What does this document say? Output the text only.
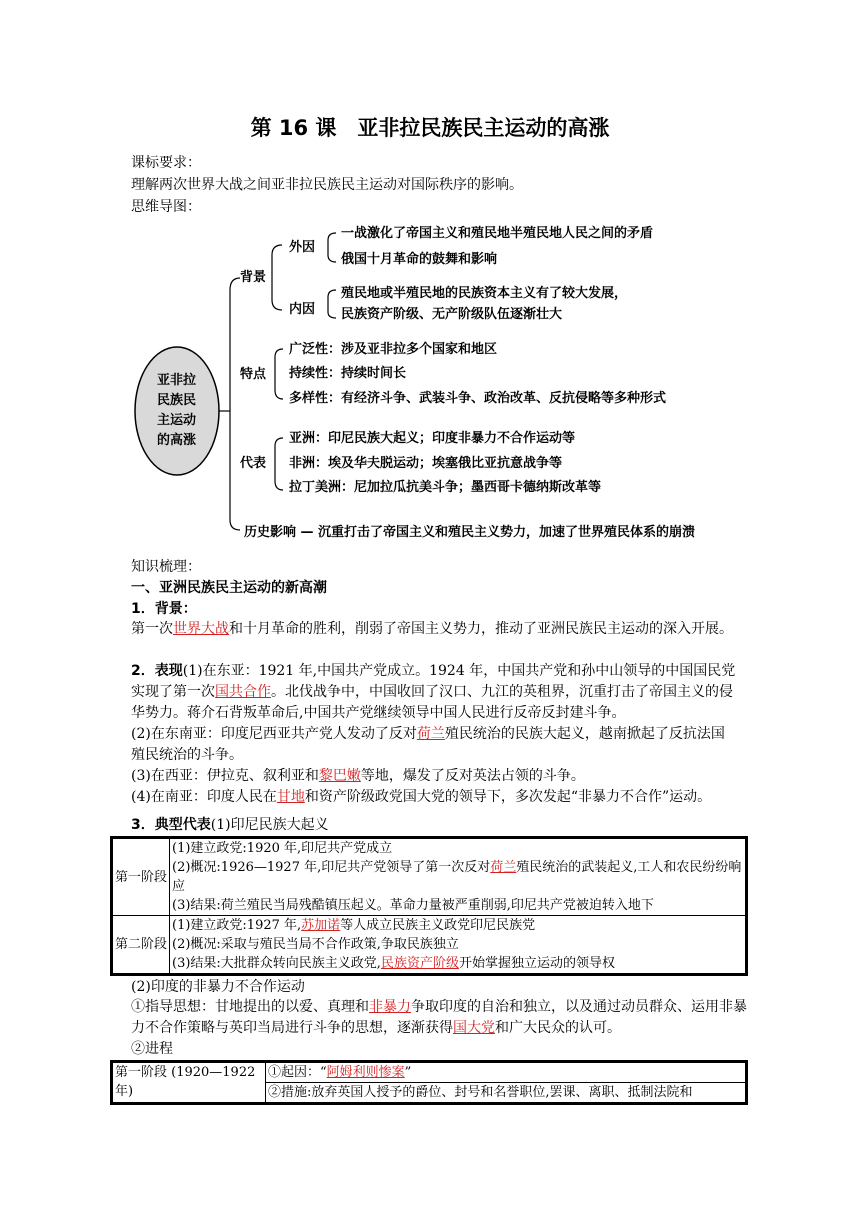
第 16 课　亚非拉民族民主运动的高涨
课标要求：
理解两次世界大战之间亚非拉民族民主运动对国际秩序的影响。
思维导图：
亚非拉
民族民
主运动
的高涨
背景
外因
一战激化了帝国主义和殖民地半殖民地人民之间的矛盾
俄国十月革命的鼓舞和影响
内因
殖民地或半殖民地的民族资本主义有了较大发展，
民族资产阶级、无产阶级队伍逐渐壮大
特点
广泛性：涉及亚非拉多个国家和地区
持续性：持续时间长
多样性：有经济斗争、武装斗争、政治改革、反抗侵略等多种形式
代表
亚洲：印尼民族大起义；印度非暴力不合作运动等
非洲：埃及华夫脱运动；埃塞俄比亚抗意战争等
拉丁美洲：尼加拉瓜抗美斗争；墨西哥卡德纳斯改革等
历史影响 — 沉重打击了帝国主义和殖民主义势力，加速了世界殖民体系的崩溃
知识梳理：
一、亚洲民族民主运动的新高潮
1．背景：
第一次世界大战和十月革命的胜利，削弱了帝国主义势力，推动了亚洲民族民主运动的深入开展。
2．表现(1)在东亚：1921 年,中国共产党成立。1924 年，中国共产党和孙中山领导的中国国民党实现了第一次国共合作。北伐战争中，中国收回了汉口、九江的英租界，沉重打击了帝国主义的侵华势力。蒋介石背叛革命后,中国共产党继续领导中国人民进行反帝反封建斗争。
(2)在东南亚：印度尼西亚共产党人发动了反对荷兰殖民统治的民族大起义，越南掀起了反抗法国殖民统治的斗争。
(3)在西亚：伊拉克、叙利亚和黎巴嫩等地，爆发了反对英法占领的斗争。
(4)在南亚：印度人民在甘地和资产阶级政党国大党的领导下，多次发起“非暴力不合作”运动。
3．典型代表(1)印尼民族大起义
第一阶段	(1)建立政党:1920 年,印尼共产党成立
(2)概况:1926—1927 年,印尼共产党领导了第一次反对荷兰殖民统治的武装起义,工人和农民纷纷响应
(3)结果:荷兰殖民当局残酷镇压起义。革命力量被严重削弱,印尼共产党被迫转入地下

第二阶段	(1)建立政党:1927 年,苏加诺等人成立民族主义政党印尼民族党
(2)概况:采取与殖民当局不合作政策,争取民族独立
(3)结果:大批群众转向民族主义政党,民族资产阶级开始掌握独立运动的领导权
(2)印度的非暴力不合作运动
①指导思想：甘地提出的以爱、真理和非暴力争取印度的自治和独立，以及通过动员群众、运用非暴力不合作策略与英印当局进行斗争的思想，逐渐获得国大党和广大民众的认可。
②进程
第一阶段 (1920—1922 年)	①起因：“阿姆利则惨案”
②措施:放弃英国人授予的爵位、封号和名誉职位,罢课、离职、抵制法院和
